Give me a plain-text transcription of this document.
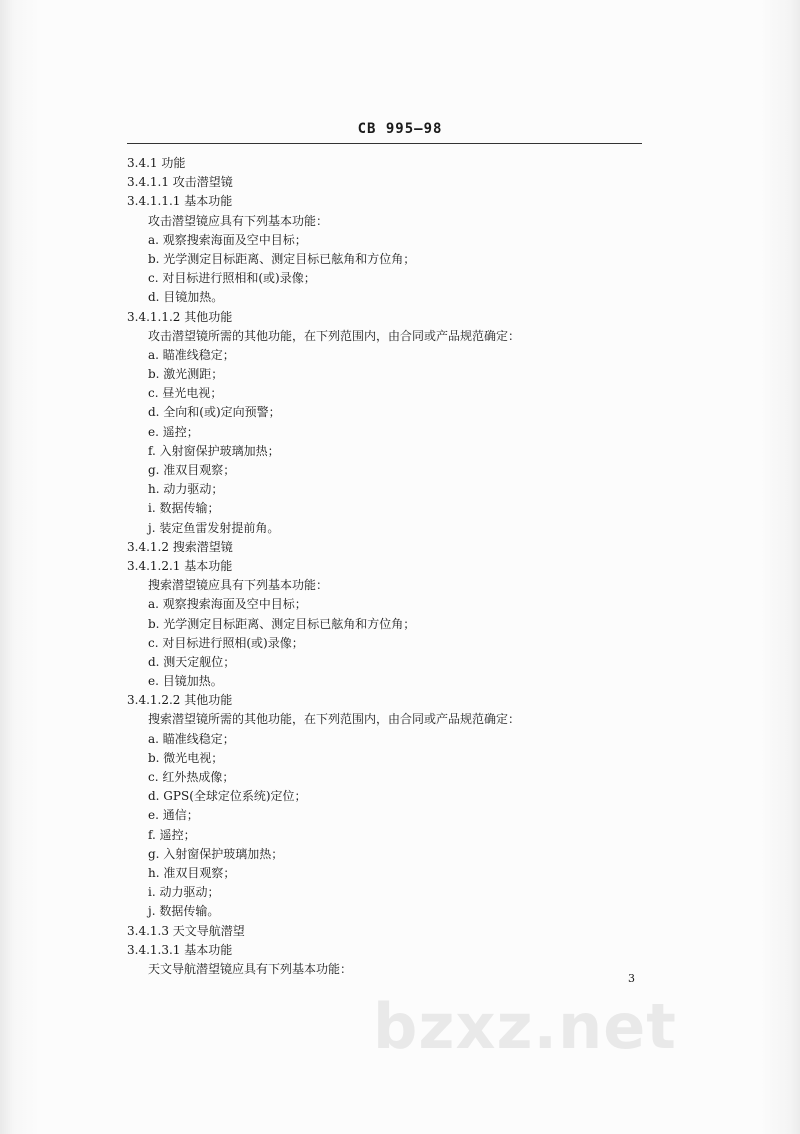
CB 995—98
3.4.1 功能
3.4.1.1 攻击潜望镜
3.4.1.1.1 基本功能
攻击潜望镜应具有下列基本功能：
a. 观察搜索海面及空中目标；
b. 光学测定目标距离、测定目标已舷角和方位角；
c. 对目标进行照相和(或)录像；
d. 目镜加热。
3.4.1.1.2 其他功能
攻击潜望镜所需的其他功能，在下列范围内，由合同或产品规范确定：
a. 瞄准线稳定；
b. 激光测距；
c. 昼光电视；
d. 全向和(或)定向预警；
e. 遥控；
f. 入射窗保护玻璃加热；
g. 准双目观察；
h. 动力驱动；
i. 数据传输；
j. 装定鱼雷发射提前角。
3.4.1.2 搜索潜望镜
3.4.1.2.1 基本功能
搜索潜望镜应具有下列基本功能：
a. 观察搜索海面及空中目标；
b. 光学测定目标距离、测定目标已舷角和方位角；
c. 对目标进行照相(或)录像；
d. 测天定舰位；
e. 目镜加热。
3.4.1.2.2 其他功能
搜索潜望镜所需的其他功能，在下列范围内，由合同或产品规范确定：
a. 瞄准线稳定；
b. 微光电视；
c. 红外热成像；
d. GPS(全球定位系统)定位；
e. 通信；
f. 遥控；
g. 入射窗保护玻璃加热；
h. 准双目观察；
i. 动力驱动；
j. 数据传输。
3.4.1.3 天文导航潜望
3.4.1.3.1 基本功能
天文导航潜望镜应具有下列基本功能：
3
bzxz.net
